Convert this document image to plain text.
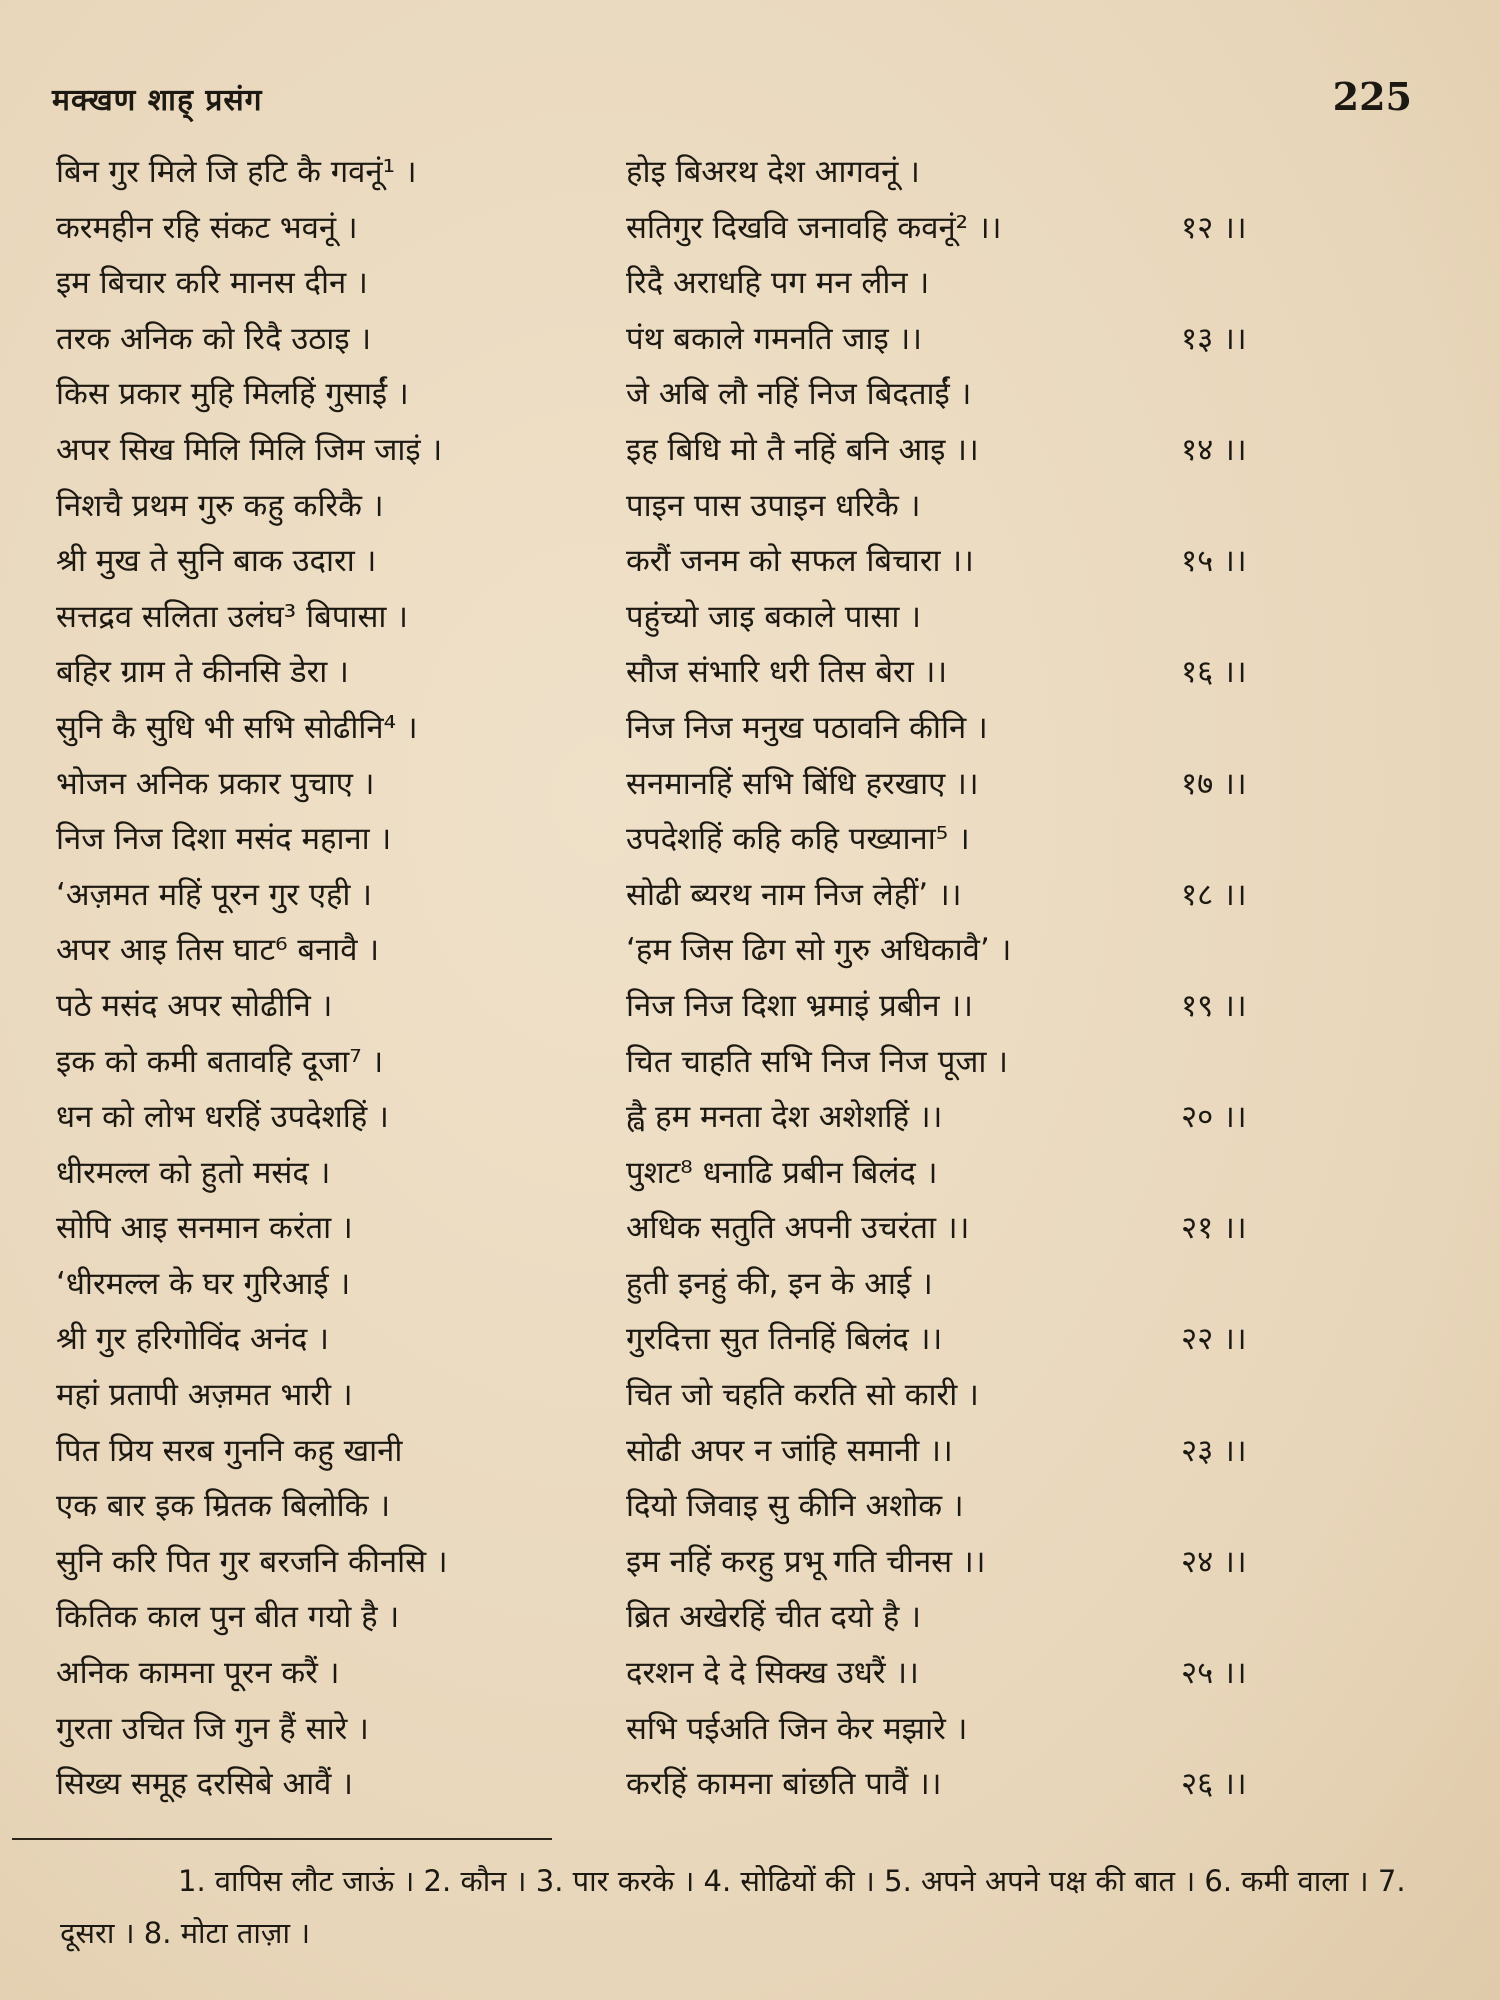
मक्खण शाह् प्रसंग	225
बिन गुर मिले जि हटि कै गवनूं¹ ।	होइ बिअरथ देश आगवनूं ।
करमहीन रहि संकट भवनूं ।	सतिगुर दिखवि जनावहि कवनूं² ।।	१२ ।।
इम बिचार करि मानस दीन ।	रिदै अराधहि पग मन लीन ।
तरक अनिक को रिदै उठाइ ।	पंथ बकाले गमनति जाइ ।।	१३ ।।
किस प्रकार मुहि मिलहिं गुसाईं ।	जे अबि लौ नहिं निज बिदताईं ।
अपर सिख मिलि मिलि जिम जाइं ।	इह बिधि मो तै नहिं बनि आइ ।।	१४ ।।
निशचै प्रथम गुरु कहु करिकै ।	पाइन पास उपाइन धरिकै ।
श्री मुख ते सुनि बाक उदारा ।	करौं जनम को सफल बिचारा ।।	१५ ।।
सत्तद्रव सलिता उलंघ³ बिपासा ।	पहुंच्यो जाइ बकाले पासा ।
बहिर ग्राम ते कीनसि डेरा ।	सौज संभारि धरी तिस बेरा ।।	१६ ।।
सुनि कै सुधि भी सभि सोढीनि⁴ ।	निज निज मनुख पठावनि कीनि ।
भोजन अनिक प्रकार पुचाए ।	सनमानहिं सभि बिंधि हरखाए ।।	१७ ।।
निज निज दिशा मसंद महाना ।	उपदेशहिं कहि कहि पख्याना⁵ ।
‘अज़मत महिं पूरन गुर एही ।	सोढी ब्यरथ नाम निज लेहीं’ ।।	१८ ।।
अपर आइ तिस घाट⁶ बनावै ।	‘हम जिस ढिग सो गुरु अधिकावै’ ।
पठे मसंद अपर सोढीनि ।	निज निज दिशा भ्रमाइं प्रबीन ।।	१९ ।।
इक को कमी बतावहि दूजा⁷ ।	चित चाहति सभि निज निज पूजा ।
धन को लोभ धरहिं उपदेशहिं ।	ह्वै हम मनता देश अशेशहिं ।।	२० ।।
धीरमल्ल को हुतो मसंद ।	पुशट⁸ धनाढि प्रबीन बिलंद ।
सोपि आइ सनमान करंता ।	अधिक सतुति अपनी उचरंता ।।	२१ ।।
‘धीरमल्ल के घर गुरिआई ।	हुती इनहुं की, इन के आई ।
श्री गुर हरिगोविंद अनंद ।	गुरदित्ता सुत तिनहिं बिलंद ।।	२२ ।।
महां प्रतापी अज़मत भारी ।	चित जो चहति करति सो कारी ।
पित प्रिय सरब गुननि कहु खानी	सोढी अपर न जांहि समानी ।।	२३ ।।
एक बार इक म्रितक बिलोकि ।	दियो जिवाइ सु कीनि अशोक ।
सुनि करि पित गुर बरजनि कीनसि ।	इम नहिं करहु प्रभू गति चीनस ।।	२४ ।।
कितिक काल पुन बीत गयो है ।	ब्रित अखेरहिं चीत दयो है ।
अनिक कामना पूरन करैं ।	दरशन दे दे सिक्ख उधरैं ।।	२५ ।।
गुरता उचित जि गुन हैं सारे ।	सभि पईअति जिन केर मझारे ।
सिख्य समूह दरसिबे आवैं ।	करहिं कामना बांछति पावैं ।।	२६ ।।
1. वापिस लौट जाऊं । 2. कौन । 3. पार करके । 4. सोढियों की । 5. अपने अपने पक्ष की बात । 6. कमी वाला । 7. दूसरा । 8. मोटा ताज़ा ।
